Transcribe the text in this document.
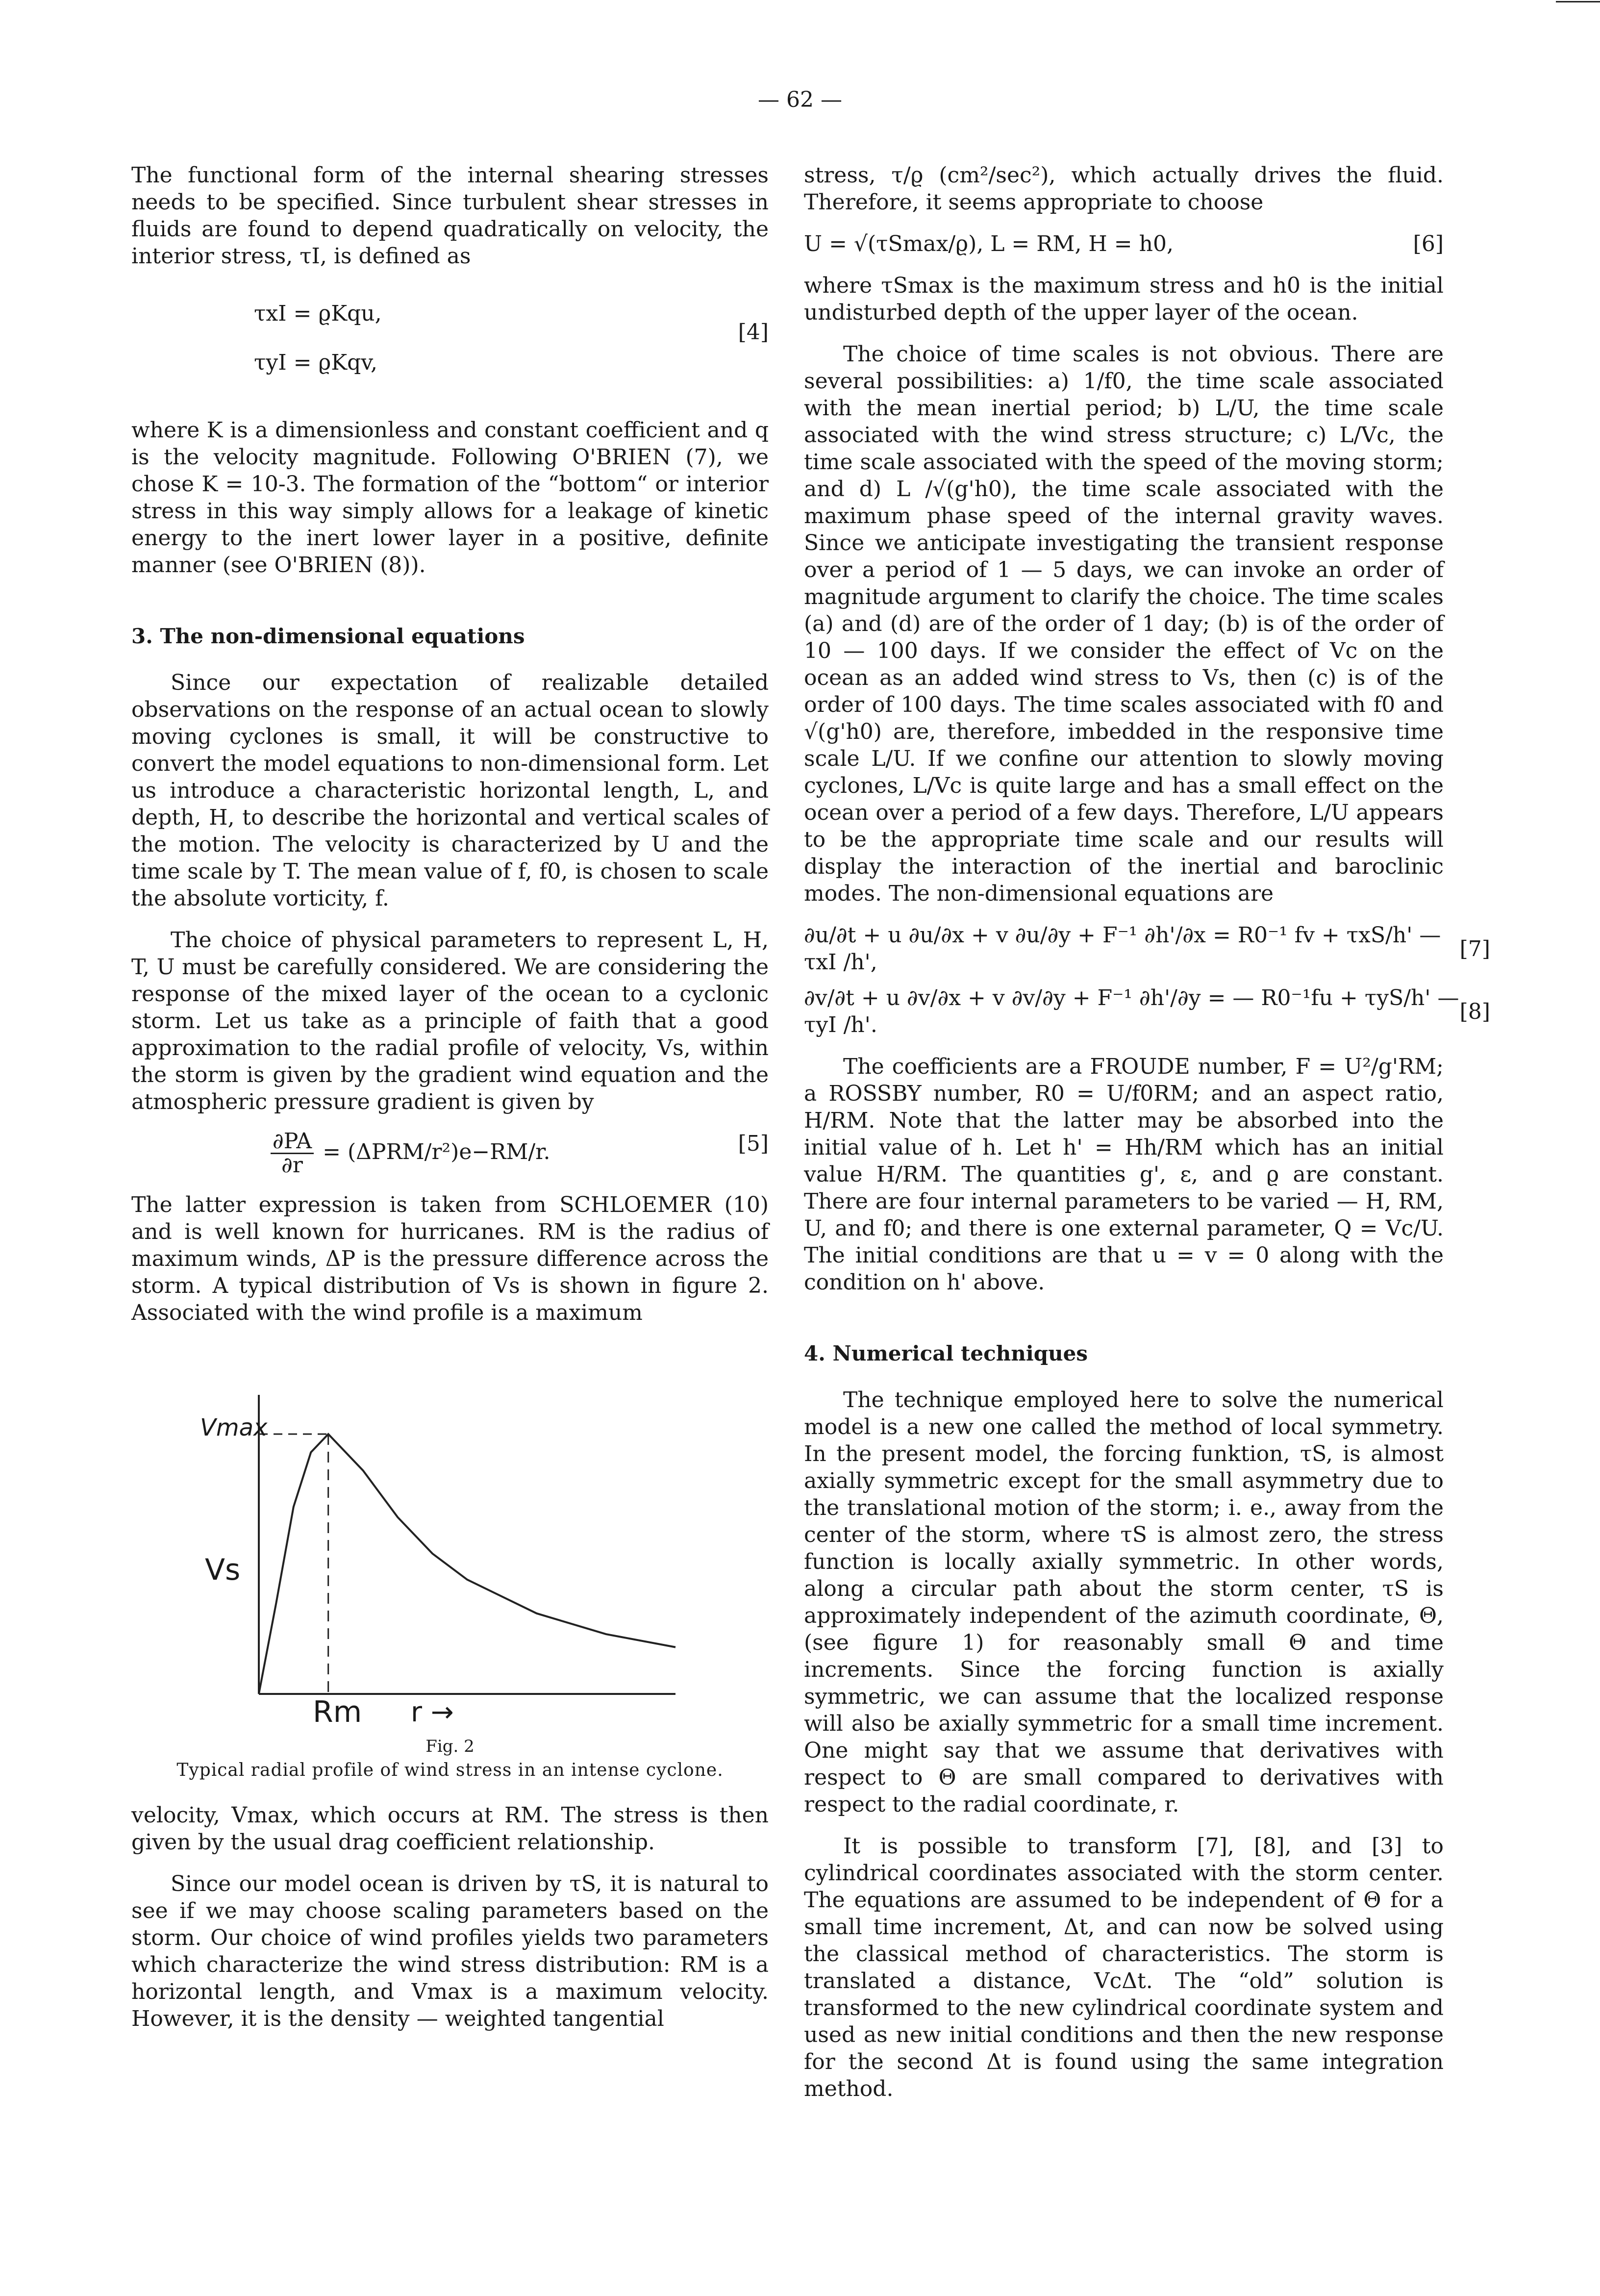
— 62 —

The functional form of the internal shearing stresses needs to be specified. Since turbulent shear stresses in fluids are found to depend quadratically on velocity, the interior stress, τI, is defined as

τxI = ϱKqu,
τyI = ϱKqv,
[4]

where K is a dimensionless and constant coefficient and q is the velocity magnitude. Following O'BRIEN (7), we chose K = 10-3. The formation of the “bottom“ or interior stress in this way simply allows for a leakage of kinetic energy to the inert lower layer in a positive, definite manner (see O'BRIEN (8)).

3. The non-dimensional equations

Since our expectation of realizable detailed observations on the response of an actual ocean to slowly moving cyclones is small, it will be constructive to convert the model equations to non-dimensional form. Let us introduce a characteristic horizontal length, L, and depth, H, to describe the horizontal and vertical scales of the motion. The velocity is characterized by U and the time scale by T. The mean value of f, f0, is chosen to scale the absolute vorticity, f.

The choice of physical parameters to represent L, H, T, U must be carefully considered. We are considering the response of the mixed layer of the ocean to a cyclonic storm. Let us take as a principle of faith that a good approximation to the radial profile of velocity, Vs, within the storm is given by the gradient wind equation and the atmospheric pressure gradient is given by

$\frac{\partial PA}{\partial r} = (\Delta PRM/r^2)e-RM/r$.	[5]

The latter expression is taken from SCHLOEMER (10) and is well known for hurricanes. RM is the radius of maximum winds, ΔP is the pressure difference across the storm. A typical distribution of Vs is shown in figure 2. Associated with the wind profile is a maximum

Vmax
Vs
Rm r →
Fig. 2
Typical radial profile of wind stress in an intense cyclone.

velocity, Vmax, which occurs at RM. The stress is then given by the usual drag coefficient relationship.

Since our model ocean is driven by τS, it is natural to see if we may choose scaling parameters based on the storm. Our choice of wind profiles yields two parameters which characterize the wind stress distribution: RM is a horizontal length, and Vmax is a maximum velocity. However, it is the density — weighted tangential

stress, τ/ϱ (cm²/sec²), which actually drives the fluid. Therefore, it seems appropriate to choose

U = √(τSmax/ϱ), L = RM, H = h0,	[6]

where τSmax is the maximum stress and h0 is the initial undisturbed depth of the upper layer of the ocean.

The choice of time scales is not obvious. There are several possibilities: a) 1/f0, the time scale associated with the mean inertial period; b) L/U, the time scale associated with the wind stress structure; c) L/Vc, the time scale associated with the speed of the moving storm; and d) L /√(g'h0), the time scale associated with the maximum phase speed of the internal gravity waves. Since we anticipate investigating the transient response over a period of 1 — 5 days, we can invoke an order of magnitude argument to clarify the choice. The time scales (a) and (d) are of the order of 1 day; (b) is of the order of 10 — 100 days. If we consider the effect of Vc on the ocean as an added wind stress to Vs, then (c) is of the order of 100 days. The time scales associated with f0 and √(g'h0) are, therefore, imbedded in the responsive time scale L/U. If we confine our attention to slowly moving cyclones, L/Vc is quite large and has a small effect on the ocean over a period of a few days. Therefore, L/U appears to be the appropriate time scale and our results will display the interaction of the inertial and baroclinic modes. The non-dimensional equations are

∂u/∂t + u ∂u/∂x + v ∂u/∂y + F⁻¹ ∂h'/∂x = R0⁻¹ fv + τxS/h' — τxI /h',
[7]
∂v/∂t + u ∂v/∂x + v ∂v/∂y + F⁻¹ ∂h'/∂y = — R0⁻¹fu + τyS/h' — τyI /h'.
[8]

The coefficients are a FROUDE number, F = U²/g'RM; a ROSSBY number, R0 = U/f0RM; and an aspect ratio, H/RM. Note that the latter may be absorbed into the initial value of h. Let h' = Hh/RM which has an initial value H/RM. The quantities g', ε, and ϱ are constant. There are four internal parameters to be varied — H, RM, U, and f0; and there is one external parameter, Q = Vc/U. The initial conditions are that u = v = 0 along with the condition on h' above.

4. Numerical techniques

The technique employed here to solve the numerical model is a new one called the method of local symmetry. In the present model, the forcing funktion, τS, is almost axially symmetric except for the small asymmetry due to the translational motion of the storm; i. e., away from the center of the storm, where τS is almost zero, the stress function is locally axially symmetric. In other words, along a circular path about the storm center, τS is approximately independent of the azimuth coordinate, Θ, (see figure 1) for reasonably small Θ and time increments. Since the forcing function is axially symmetric, we can assume that the localized response will also be axially symmetric for a small time increment. One might say that we assume that derivatives with respect to Θ are small compared to derivatives with respect to the radial coordinate, r.

It is possible to transform [7], [8], and [3] to cylindrical coordinates associated with the storm center. The equations are assumed to be independent of Θ for a small time increment, Δt, and can now be solved using the classical method of characteristics. The storm is translated a distance, VcΔt. The “old” solution is transformed to the new cylindrical coordinate system and used as new initial conditions and then the new response for the second Δt is found using the same integration method.
